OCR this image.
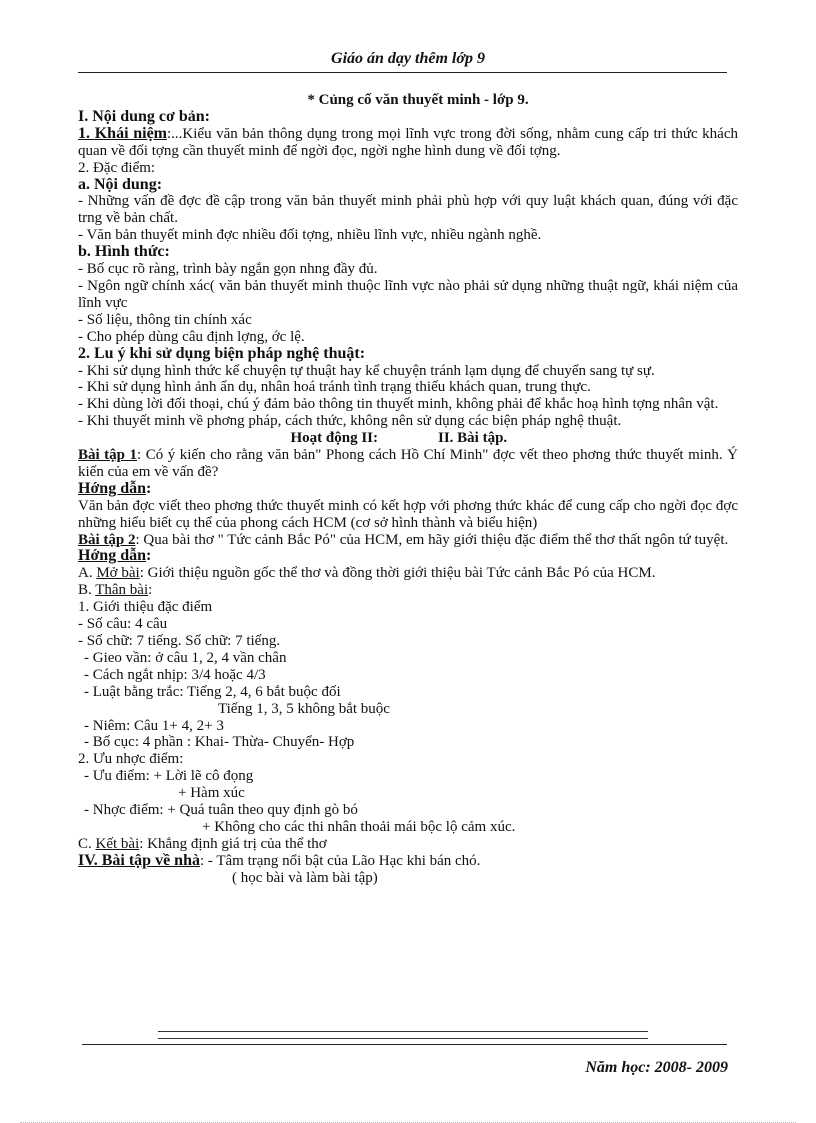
Giáo án dạy thêm lớp 9

* Củng cố văn thuyết minh - lớp 9.

I. Nội dung cơ bản:

1. Khái niệm:...Kiểu văn bản thông dụng trong mọi lĩnh vực trong đời sống, nhằm cung cấp tri thức khách quan về đối tợng cần thuyết minh để ngời đọc, ngời nghe hình dung về đối tợng.

2. Đặc điểm:

a. Nội dung:

- Những vấn đề đợc đề cập trong văn bản thuyết minh phải phù hợp với quy luật khách quan, đúng với đặc trng về bản chất.

- Văn bản thuyết minh đợc nhiều đối tợng, nhiều lĩnh vực, nhiều ngành nghề.

b. Hình thức:

- Bố cục rõ ràng, trình bày ngắn gọn nhng đầy đủ.

- Ngôn ngữ chính xác( văn bản thuyết minh thuộc lĩnh vực nào phải sử dụng những thuật ngữ, khái niệm của lĩnh vực

- Số liệu, thông tin chính xác

- Cho phép dùng câu định lợng, ớc lệ.

2. Lu ý khi sử dụng biện pháp nghệ thuật:

- Khi sử dụng hình thức kể chuyện tự thuật hay kể chuyện tránh lạm dụng để chuyển sang tự sự.

- Khi sử dụng hình ảnh ẩn dụ, nhân hoá tránh tình trạng thiếu khách quan, trung thực.

- Khi dùng lời đối thoại, chú ý đảm bảo thông tin thuyết minh, không phải để khắc hoạ hình tợng nhân vật.

- Khi thuyết minh về phơng pháp, cách thức, không nên sử dụng các biện pháp nghệ thuật.

Hoạt động II:	II. Bài tập.

Bài tập 1: Có ý kiến cho rằng văn bản" Phong cách Hồ Chí Minh" đợc vết theo phơng thức thuyết minh. Ý kiến của em về vấn đề?

Hớng dẫn:

Văn bản đợc viết theo phơng thức thuyết minh có kết hợp với phơng thức khác để cung cấp cho ngời đọc đợc những hiểu biết cụ thể của phong cách HCM (cơ sở hình thành và biểu hiện)

Bài tập 2: Qua bài thơ " Tức cảnh Bắc Pó" của HCM, em hãy giới thiệu đặc điểm thể thơ thất ngôn tứ tuyệt.

Hớng dẫn:

A. Mở bài: Giới thiệu nguồn gốc thể thơ và đồng thời giới thiệu bài Tức cảnh Bắc Pó của HCM.

B. Thân bài:

1. Giới thiệu đặc điểm

- Số câu: 4 câu

- Số chữ: 7 tiếng. Số chữ: 7 tiếng.

- Gieo vần: ở câu 1, 2, 4 vần chân

- Cách ngắt nhịp: 3/4 hoặc 4/3

- Luật bằng trắc: Tiếng 2, 4, 6 bắt buộc đối

Tiếng 1, 3, 5 không bắt buộc

- Niêm: Câu 1+ 4, 2+ 3

- Bố cục: 4 phần : Khai- Thừa- Chuyển- Hợp

2. Ưu nhợc điểm:

- Ưu điểm: + Lời lẽ cô đọng

+ Hàm xúc

- Nhợc điểm: + Quá tuân theo quy định gò bó

+ Không cho các thi nhân thoải mái bộc lộ cảm xúc.

C. Kết bài: Khẳng định giá trị của thể thơ

IV. Bài tập về nhà: - Tâm trạng nổi bật của Lão Hạc khi bán chó.

( học bài và làm bài tập)

Năm học: 2008- 2009
